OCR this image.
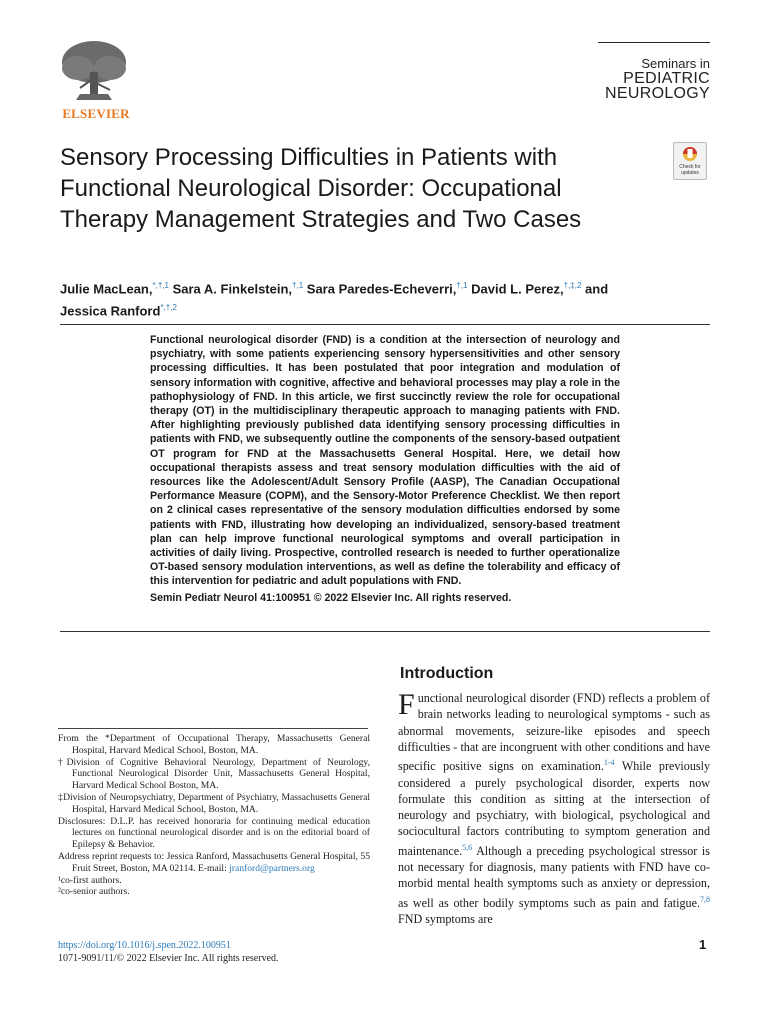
ELSEVIER
Seminars in
PEDIATRIC
NEUROLOGY
Sensory Processing Difficulties in Patients with Functional Neurological Disorder: Occupational Therapy Management Strategies and Two Cases
Check for updates
Julie MacLean,$^{*,\dagger,1}$ Sara A. Finkelstein,$^{\dagger,1}$ Sara Paredes-Echeverri,$^{\dagger,1}$ David L. Perez,$^{\dagger,\ddagger,2}$ and
Jessica Ranford$^{*,\dagger,2}$

Functional neurological disorder (FND) is a condition at the intersection of neurology and psychiatry, with some patients experiencing sensory hypersensitivities and other sensory processing difficulties. It has been postulated that poor integration and modulation of sensory information with cognitive, affective and behavioral processes may play a role in the pathophysiology of FND. In this article, we first succinctly review the role for occupational therapy (OT) in the multidisciplinary therapeutic approach to managing patients with FND. After highlighting previously published data identifying sensory processing difficulties in patients with FND, we subsequently outline the components of the sensory-based outpatient OT program for FND at the Massachusetts General Hospital. Here, we detail how occupational therapists assess and treat sensory modulation difficulties with the aid of resources like the Adolescent/Adult Sensory Profile (AASP), The Canadian Occupational Performance Measure (COPM), and the Sensory-Motor Preference Checklist. We then report on 2 clinical cases representative of the sensory modulation difficulties endorsed by some patients with FND, illustrating how developing an individualized, sensory-based treatment plan can help improve functional neurological symptoms and overall participation in activities of daily living. Prospective, controlled research is needed to further operationalize OT-based sensory modulation interventions, as well as define the tolerability and efficacy of this intervention for pediatric and adult populations with FND.

Semin Pediatr Neurol 41:100951 © 2022 Elsevier Inc. All rights reserved.
Introduction

Functional neurological disorder (FND) reflects a problem of brain networks leading to neurological symptoms - such as abnormal movements, seizure-like episodes and speech difficulties - that are incongruent with other conditions and have specific positive signs on examination.$^{1-4}$ While previously considered a purely psychological disorder, experts now formulate this condition as sitting at the intersection of neurology and psychiatry, with biological, psychological and sociocultural factors contributing to symptom generation and maintenance.$^{5,6}$ Although a preceding psychological stressor is not necessary for diagnosis, many patients with FND have co-morbid mental health symptoms such as anxiety or depression, as well as other bodily symptoms such as pain and fatigue.$^{7,8}$ FND symptoms are

From the *Department of Occupational Therapy, Massachusetts General Hospital, Harvard Medical School, Boston, MA.

†Division of Cognitive Behavioral Neurology, Department of Neurology, Functional Neurological Disorder Unit, Massachusetts General Hospital, Harvard Medical School Boston, MA.

‡Division of Neuropsychiatry, Department of Psychiatry, Massachusetts General Hospital, Harvard Medical School, Boston, MA.

Disclosures: D.L.P. has received honoraria for continuing medical education lectures on functional neurological disorder and is on the editorial board of Epilepsy & Behavior.

Address reprint requests to: Jessica Ranford, Massachusetts General Hospital, 55 Fruit Street, Boston, MA 02114. E-mail: jranford@partners.org

¹co-first authors.

²co-senior authors.

https://doi.org/10.1016/j.spen.2022.100951
1071-9091/11/© 2022 Elsevier Inc. All rights reserved.
1
